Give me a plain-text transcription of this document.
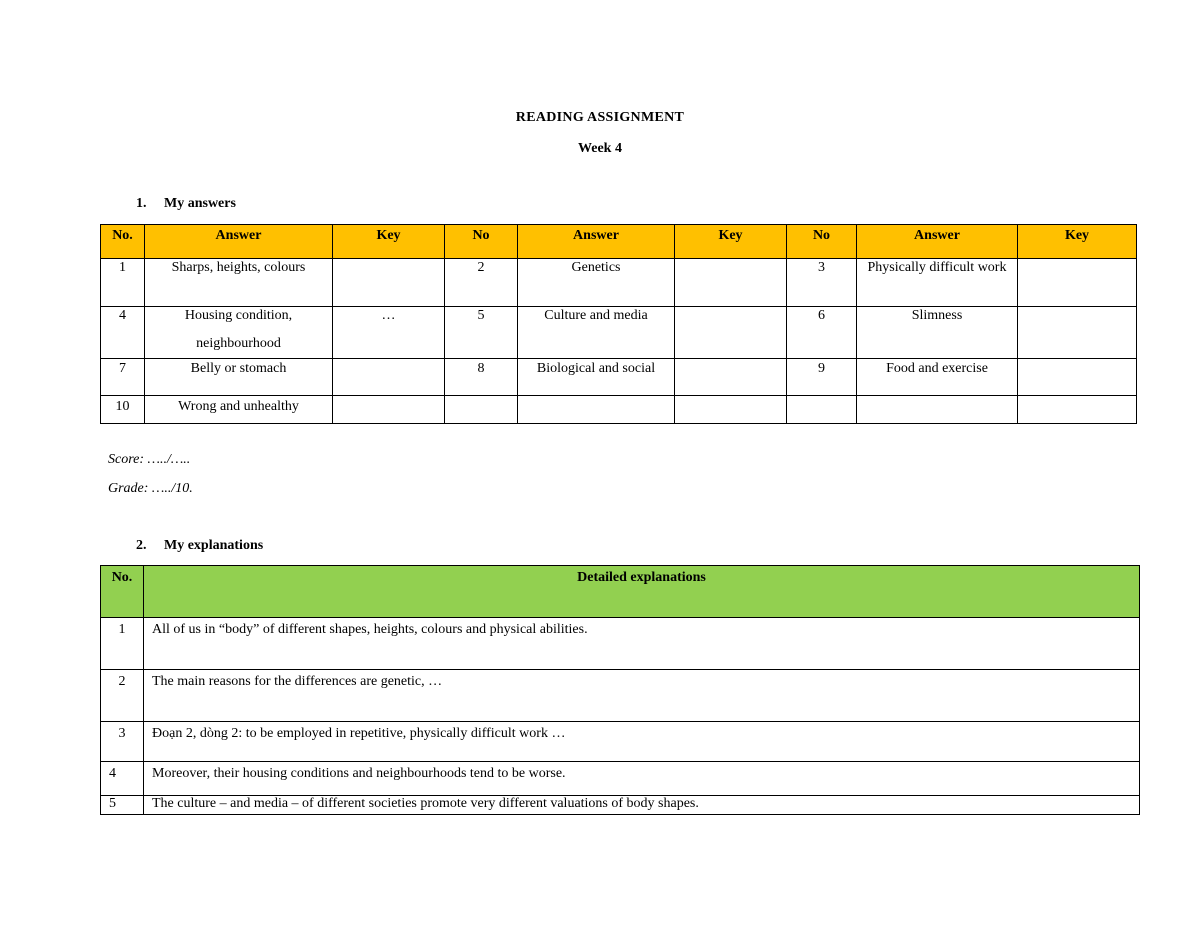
READING ASSIGNMENT
Week 4
1. My answers
No.	Answer	Key	No	Answer	Key	No	Answer	Key

1	Sharps, heights, colours		2	Genetics		3	Physically difficult work	

4	Housing condition, neighbourhood	…	5	Culture and media		6	Slimness	

7	Belly or stomach		8	Biological and social		9	Food and exercise	
10	Wrong and unhealthy							
Score: …../…..
Grade: …../10.
2. My explanations
No.	Detailed explanations
1	All of us in “body” of different shapes, heights, colours and physical abilities.
2	The main reasons for the differences are genetic, …
3	Đoạn 2, dòng 2: to be employed in repetitive, physically difficult work …
4	Moreover, their housing conditions and neighbourhoods tend to be worse.
5	The culture – and media – of different societies promote very different valuations of body shapes.
